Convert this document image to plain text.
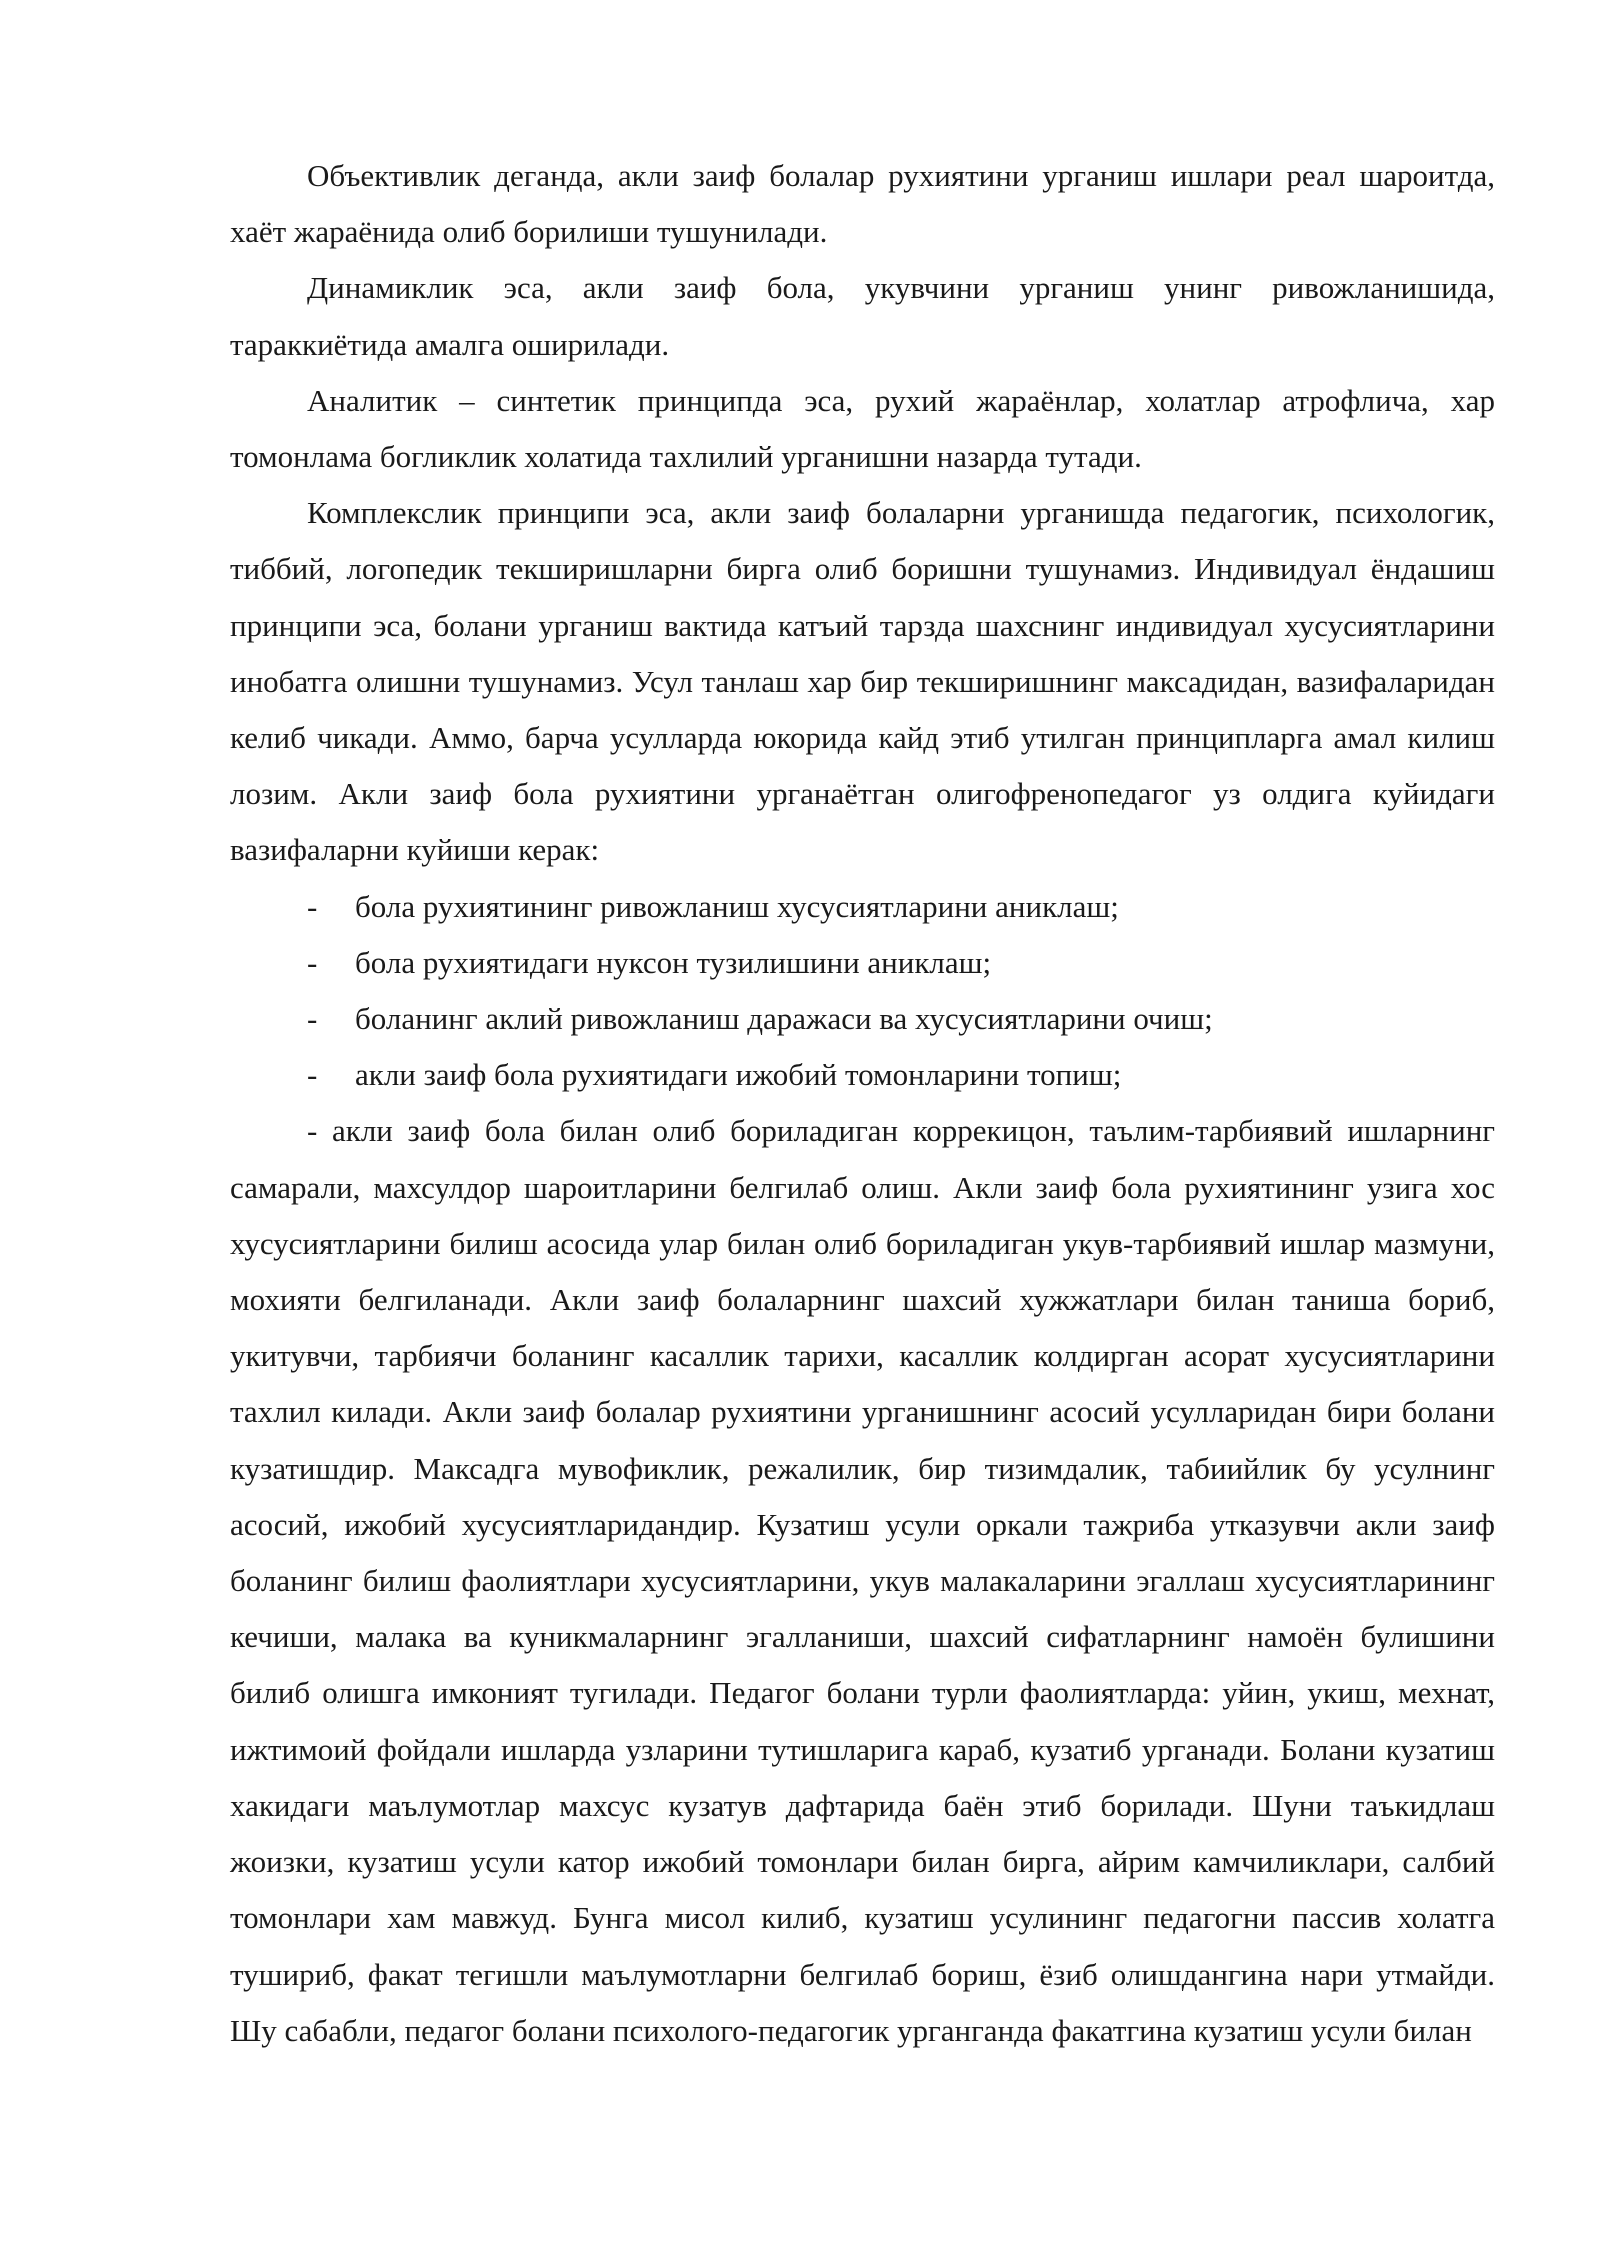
Объективлик деганда, акли заиф болалар рухиятини урганиш ишлари реал шароитда, хаёт жараёнида олиб борилиши тушунилади.

Динамиклик эса, акли заиф бола, укувчини урганиш унинг ривожланишида, тараккиётида амалга оширилади.

Аналитик – синтетик принципда эса, рухий жараёнлар, холатлар атрофлича, хар томонлама богликлик холатида тахлилий урганишни назарда тутади.

Комплекслик принципи эса, акли заиф болаларни урганишда педагогик, психологик, тиббий, логопедик текширишларни бирга олиб боришни тушунамиз. Индивидуал ёндашиш принципи эса, болани урганиш вактида катъий тарзда шахснинг индивидуал хусусиятларини инобатга олишни тушунамиз. Усул танлаш хар бир текширишнинг максадидан, вазифаларидан келиб чикади. Аммо, барча усулларда юкорида кайд этиб утилган принципларга амал килиш лозим. Акли заиф бола рухиятини урганаётган олигофренопедагог уз олдига куйидаги вазифаларни куйиши керак:

- бола рухиятининг ривожланиш хусусиятларини аниклаш;
- бола рухиятидаги нуксон тузилишини аниклаш;
- боланинг аклий ривожланиш даражаси ва хусусиятларини очиш;
- акли заиф бола рухиятидаги ижобий томонларини топиш;

- акли заиф бола билан олиб бориладиган коррекицон, таълим-тарбиявий ишларнинг самарали, махсулдор шароитларини белгилаб олиш. Акли заиф бола рухиятининг узига хос хусусиятларини билиш асосида улар билан олиб бориладиган укув-тарбиявий ишлар мазмуни, мохияти белгиланади. Акли заиф болаларнинг шахсий хужжатлари билан таниша бориб, укитувчи, тарбиячи боланинг касаллик тарихи, касаллик колдирган асорат хусусиятларини тахлил килади. Акли заиф болалар рухиятини урганишнинг асосий усулларидан бири болани кузатишдир. Максадга мувофиклик, режалилик, бир тизимдалик, табиийлик бу усулнинг асосий, ижобий хусусиятларидандир. Кузатиш усули оркали тажриба утказувчи акли заиф боланинг билиш фаолиятлари хусусиятларини, укув малакаларини эгаллаш хусусиятларининг кечиши, малака ва куникмаларнинг эгалланиши, шахсий сифатларнинг намоён булишини билиб олишга имконият тугилади. Педагог болани турли фаолиятларда: уйин, укиш, мехнат, ижтимоий фойдали ишларда узларини тутишларига караб, кузатиб урганади. Болани кузатиш хакидаги маълумотлар махсус кузатув дафтарида баён этиб борилади. Шуни таъкидлаш жоизки, кузатиш усули катор ижобий томонлари билан бирга, айрим камчиликлари, салбий томонлари хам мавжуд. Бунга мисол килиб, кузатиш усулининг педагогни пассив холатга тушириб, факат тегишли маълумотларни белгилаб бориш, ёзиб олишдангина нари утмайди. Шу сабабли, педагог болани психолого-педагогик урганганда факатгина кузатиш усули билан
